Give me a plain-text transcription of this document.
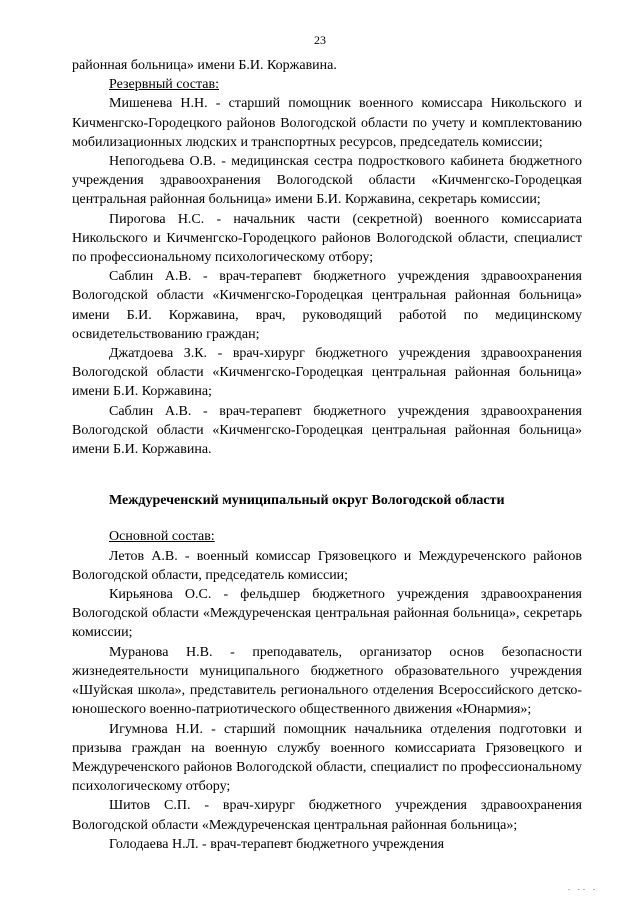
23

районная больница» имени Б.И. Коржавина.

Резервный состав:

Мишенева Н.Н. - старший помощник военного комиссара Никольского и Кичменгско-Городецкого районов Вологодской области по учету и комплектованию мобилизационных людских и транспортных ресурсов, председатель комиссии;

Непогодьева О.В. - медицинская сестра подросткового кабинета бюджетного учреждения здравоохранения Вологодской области «Кичменгско-Городецкая центральная районная больница» имени Б.И. Коржавина, секретарь комиссии;

Пирогова Н.С. - начальник части (секретной) военного комиссариата Никольского и Кичменгско-Городецкого районов Вологодской области, специалист по профессиональному психологическому отбору;

Саблин А.В. - врач-терапевт бюджетного учреждения здравоохранения Вологодской области «Кичменгско-Городецкая центральная районная больница» имени Б.И. Коржавина, врач, руководящий работой по медицинскому освидетельствованию граждан;

Джатдоева З.К. - врач-хирург бюджетного учреждения здравоохранения Вологодской области «Кичменгско-Городецкая центральная районная больница» имени Б.И. Коржавина;

Саблин А.В. - врач-терапевт бюджетного учреждения здравоохранения Вологодской области «Кичменгско-Городецкая центральная районная больница» имени Б.И. Коржавина.

Междуреченский муниципальный округ Вологодской области

Основной состав:

Летов А.В. - военный комиссар Грязовецкого и Междуреченского районов Вологодской области, председатель комиссии;

Кирьянова О.С. - фельдшер бюджетного учреждения здравоохранения Вологодской области «Междуреченская центральная районная больница», секретарь комиссии;

Муранова Н.В. - преподаватель, организатор основ безопасности жизнедеятельности муниципального бюджетного образовательного учреждения «Шуйская школа», представитель регионального отделения Всероссийского детско-юношеского военно-патриотического общественного движения «Юнармия»;

Игумнова Н.И. - старший помощник начальника отделения подготовки и призыва граждан на военную службу военного комиссариата Грязовецкого и Междуреченского районов Вологодской области, специалист по профессиональному психологическому отбору;

Шитов С.П. - врач-хирург бюджетного учреждения здравоохранения Вологодской области «Междуреченская центральная районная больница»;

Голодаева Н.Л. - врач-терапевт бюджетного учреждения

. .. .
